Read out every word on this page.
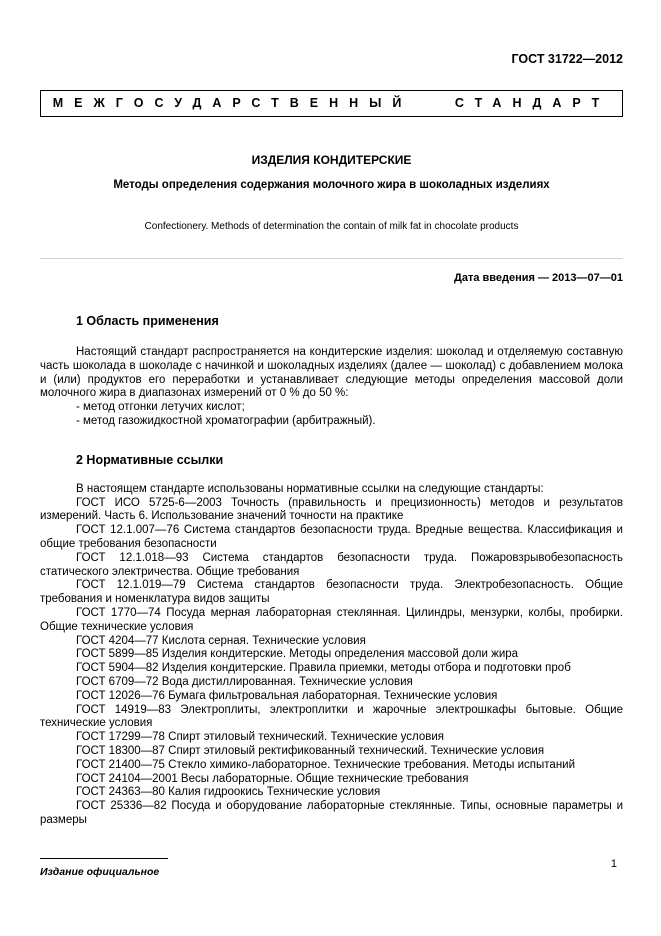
ГОСТ 31722—2012
МЕЖГОСУДАРСТВЕННЫЙ СТАНДАРТ
ИЗДЕЛИЯ КОНДИТЕРСКИЕ
Методы определения содержания молочного жира в шоколадных изделиях
Confectionery. Methods of determination the contain of milk fat in chocolate products
Дата введения — 2013—07—01
1 Область применения

Настоящий стандарт распространяется на кондитерские изделия: шоколад и отделяемую составную часть шоколада в шоколаде с начинкой и шоколадных изделиях (далее — шоколад) с добавлением молока и (или) продуктов его переработки и устанавливает следующие методы определения массовой доли молочного жира в диапазонах измерений от 0 % до 50 %:

- метод отгонки летучих кислот;

- метод газожидкостной хроматографии (арбитражный).

2 Нормативные ссылки

В настоящем стандарте использованы нормативные ссылки на следующие стандарты:

ГОСТ ИСО 5725-6—2003 Точность (правильность и прецизионность) методов и результатов измерений. Часть 6. Использование значений точности на практике

ГОСТ 12.1.007—76 Система стандартов безопасности труда. Вредные вещества. Классификация и общие требования безопасности

ГОСТ 12.1.018—93 Система стандартов безопасности труда. Пожаровзрывобезопасность статического электричества. Общие требования

ГОСТ 12.1.019—79 Система стандартов безопасности труда. Электробезопасность. Общие требования и номенклатура видов защиты

ГОСТ 1770—74 Посуда мерная лабораторная стеклянная. Цилиндры, мензурки, колбы, пробирки. Общие технические условия

ГОСТ 4204—77 Кислота серная. Технические условия

ГОСТ 5899—85 Изделия кондитерские. Методы определения массовой доли жира

ГОСТ 5904—82 Изделия кондитерские. Правила приемки, методы отбора и подготовки проб

ГОСТ 6709—72 Вода дистиллированная. Технические условия

ГОСТ 12026—76 Бумага фильтровальная лабораторная. Технические условия

ГОСТ 14919—83 Электроплиты, электроплитки и жарочные электрошкафы бытовые. Общие технические условия

ГОСТ 17299—78 Спирт этиловый технический. Технические условия

ГОСТ 18300—87 Спирт этиловый ректификованный технический. Технические условия

ГОСТ 21400—75 Стекло химико-лабораторное. Технические требования. Методы испытаний

ГОСТ 24104—2001 Весы лабораторные. Общие технические требования

ГОСТ 24363—80 Калия гидроокись Технические условия

ГОСТ 25336—82 Посуда и оборудование лабораторные стеклянные. Типы, основные параметры и размеры

Издание официальное
1
